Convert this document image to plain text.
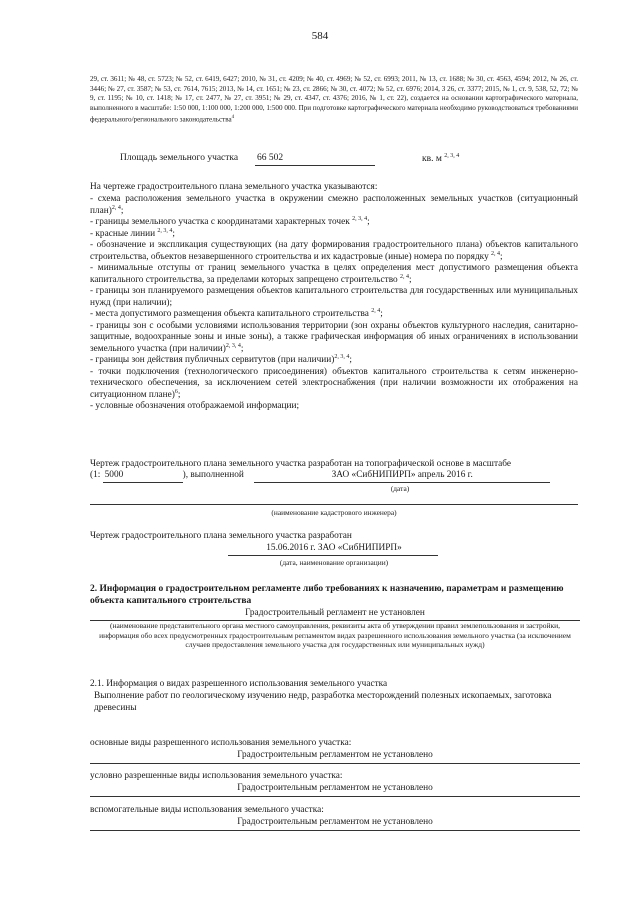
584
29, ст. 3611; № 48, ст. 5723; № 52, ст. 6419, 6427; 2010, № 31, ст. 4209; № 40, ст. 4969; № 52, ст. 6993; 2011, № 13, ст. 1688; № 30, ст. 4563, 4594; 2012, № 26, ст. 3446; № 27, ст. 3587; № 53, ст. 7614, 7615; 2013, № 14, ст. 1651; № 23, ст. 2866; № 30, ст. 4072; № 52, ст. 6976; 2014, 3 26, ст. 3377; 2015, № 1, ст. 9, 538, 52, 72; № 9, ст. 1195; № 10, ст. 1418; № 17, ст. 2477, № 27, ст. 3951; № 29, ст. 4347, ст. 4376; 2016, № 1, ст. 22), создается на основании картографического материала, выполненного в масштабе: 1:50 000, 1:100 000, 1:200 000, 1:500 000. При подготовке картографического материала необходимо руководствоваться требованиями федерального/регионального законодательства$^4$
Площадь земельного участка 66 502	кв. м $^{2, 3, 4}$
На чертеже градостроительного плана земельного участка указываются:
- схема расположения земельного участка в окружении смежно расположенных земельных участков (ситуационный план)$^{2, 4}$;
- границы земельного участка с координатами характерных точек $^{2, 3, 4}$;
- красные линии $^{2, 3, 4}$;
- обозначение и экспликация существующих (на дату формирования градостроительного плана) объектов капитального строительства, объектов незавершенного строительства и их кадастровые (иные) номера по порядку $^{2, 4}$;
- минимальные отступы от границ земельного участка в целях определения мест допустимого размещения объекта капитального строительства, за пределами которых запрещено строительство $^{2, 4}$;
- границы зон планируемого размещения объектов капитального строительства для государственных или муниципальных нужд (при наличии);
- места допустимого размещения объекта капитального строительства $^{2, 4}$;
- границы зон с особыми условиями использования территории (зон охраны объектов культурного наследия, санитарно-защитные, водоохранные зоны и иные зоны), а также графическая информация об иных ограничениях в использовании земельного участка (при наличии)$^{2, 3, 4}$;
- границы зон действия публичных сервитутов (при наличии)$^{2, 3, 4}$;
- точки подключения (технологического присоединения) объектов капитального строительства к сетям инженерно-технического обеспечения, за исключением сетей электроснабжения (при наличии возможности их отображения на ситуационном плане)$^6$;
- условные обозначения отображаемой информации;
Чертеж градостроительного плана земельного участка разработан на топографической основе в масштабе
(1: 5000	), выполненной	ЗАО «СибНИПИРП» апрель 2016 г.
(дата)
(наименование кадастрового инженера)
Чертеж градостроительного плана земельного участка разработан
15.06.2016 г. ЗАО «СибНИПИРП»
(дата, наименование организации)
2. Информация о градостроительном регламенте либо требованиях к назначению, параметрам и размещению объекта капитального строительства
Градостроительный регламент не установлен
(наименование представительного органа местного самоуправления, реквизиты акта об утверждении правил землепользования и застройки, информация обо всех предусмотренных градостроительным регламентом видах разрешенного использования земельного участка (за исключением случаев предоставления земельного участка для государственных или муниципальных нужд)
2.1. Информация о видах разрешенного использования земельного участка
Выполнение работ по геологическому изучению недр, разработка месторождений полезных ископаемых, заготовка древесины
основные виды разрешенного использования земельного участка:
Градостроительным регламентом не установлено
условно разрешенные виды использования земельного участка:
Градостроительным регламентом не установлено
вспомогательные виды использования земельного участка:
Градостроительным регламентом не установлено
